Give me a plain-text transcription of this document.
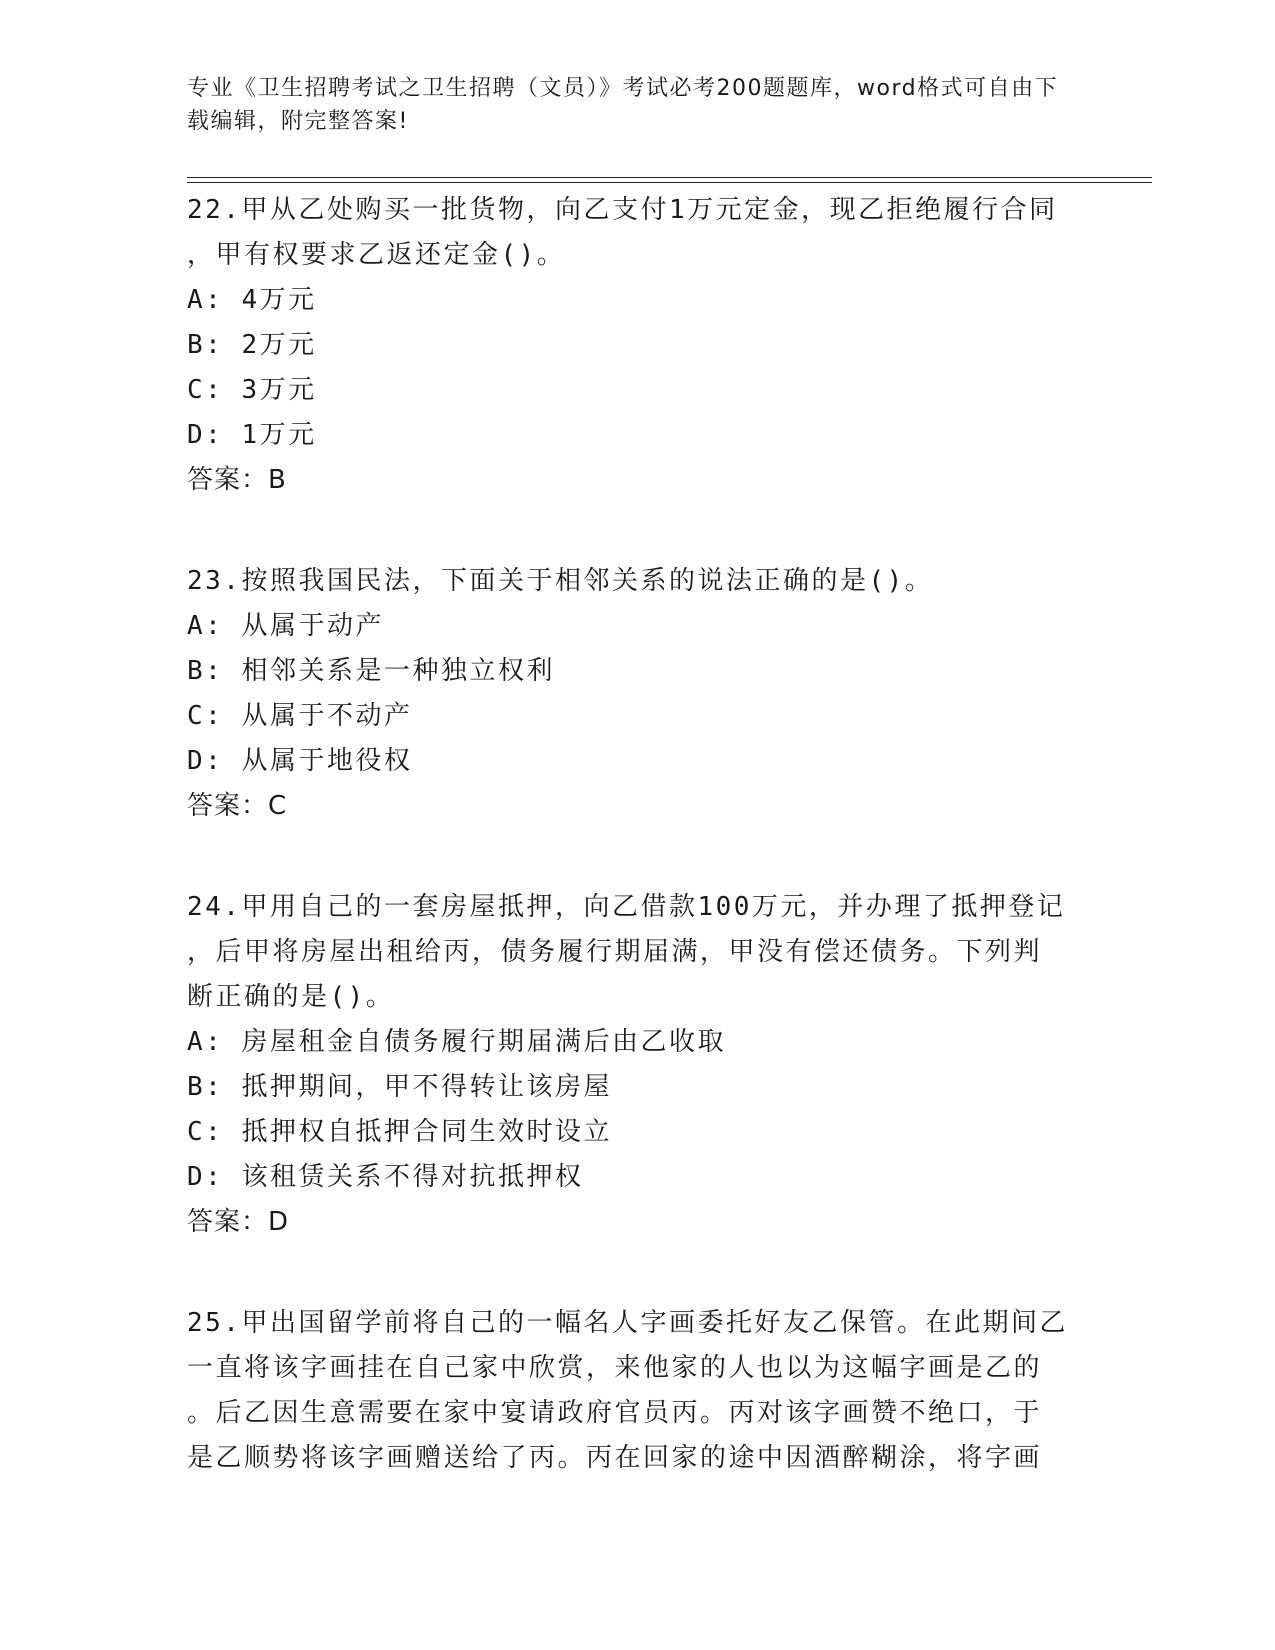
专业《卫生招聘考试之卫生招聘（文员）》考试必考200题题库，word格式可自由下载编辑，附完整答案!
22.甲从乙处购买一批货物，向乙支付1万元定金，现乙拒绝履行合同
，甲有权要求乙返还定金()。
A: 4万元
B: 2万元
C: 3万元
D: 1万元
答案：B
23.按照我国民法，下面关于相邻关系的说法正确的是()。
A: 从属于动产
B: 相邻关系是一种独立权利
C: 从属于不动产
D: 从属于地役权
答案：C
24.甲用自己的一套房屋抵押，向乙借款100万元，并办理了抵押登记
，后甲将房屋出租给丙，债务履行期届满，甲没有偿还债务。下列判
断正确的是()。
A: 房屋租金自债务履行期届满后由乙收取
B: 抵押期间，甲不得转让该房屋
C: 抵押权自抵押合同生效时设立
D: 该租赁关系不得对抗抵押权
答案：D
25.甲出国留学前将自己的一幅名人字画委托好友乙保管。在此期间乙
一直将该字画挂在自己家中欣赏，来他家的人也以为这幅字画是乙的
。后乙因生意需要在家中宴请政府官员丙。丙对该字画赞不绝口，于
是乙顺势将该字画赠送给了丙。丙在回家的途中因酒醉糊涂，将字画
